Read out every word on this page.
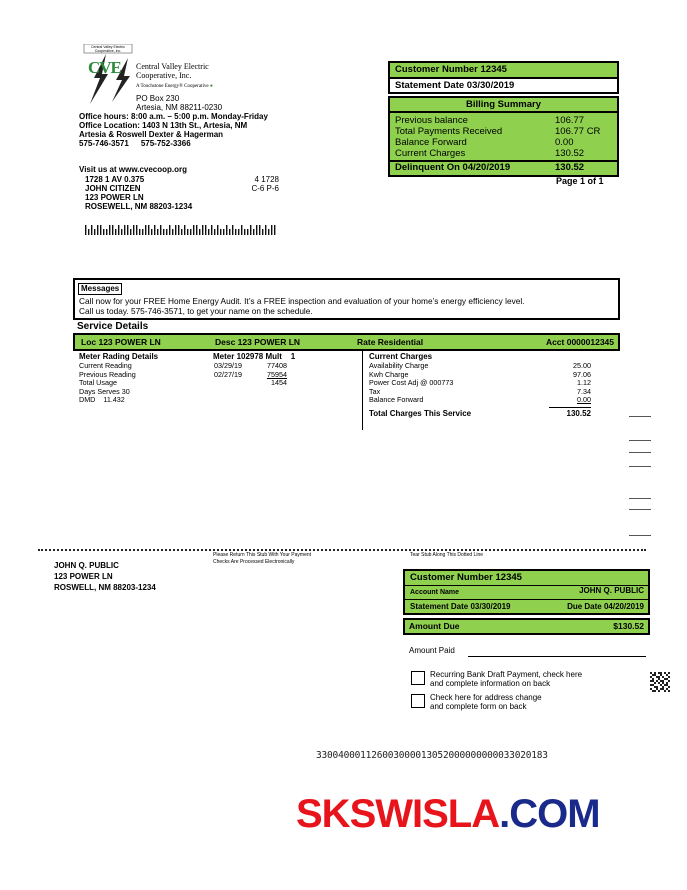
Central Valley Electric Cooperative, Inc.
CVE Central Valley Electric
Cooperative, Inc.
A Touchstone Energy® Cooperative ●
PO Box 230
Artesia, NM 88211-0230
Office hours: 8:00 a.m. – 5:00 p.m. Monday-Friday
Office Location: 1403 N 13th St., Artesia, NM
Artesia & Roswell Dexter & Hagerman
575-746-3571 575-752-3366
Visit us at www.cvecoop.org
1728 1 AV 0.375	4 1728
JOHN CITIZEN	C-6 P-6
123 POWER LN
ROSEWELL, NM 88203-1234
Customer Number 12345
Statement Date 03/30/2019
Billing Summary
Previous balance	106.77
Total Payments Received	106.77 CR
Balance Forward	0.00
Current Charges	130.52
Delinquent On 04/20/2019	130.52
Page 1 of 1
Messages
Call now for your FREE Home Energy Audit. It’s a FREE inspection and evaluation of your home’s energy efficiency level.
Call us today. 575-746-3571, to get your name on the schedule.
Service Details
Loc 123 POWER LN	Desc 123 POWER LN	Rate Residential	Acct 0000012345
Meter Rading Details	Meter 102978 Mult    1
Current Reading	03/29/19	77408
Previous Reading	02/27/19	75954
Total Usage	1454
Days Serves 30
DMD    11.432
Current Charges
Availability Charge	25.00
Kwh Charge	97.06
Power Cost Adj @ 000773	1.12
Tax	7.34
Balance Forward	0.00
Total Charges This Service	130.52
Please Return This Stub With Your Payment
Checks Are Processed Electronically
Tear Stub Along This Dotted Line
JOHN Q. PUBLIC
123 POWER LN
ROSWELL, NM 88203-1234
Customer Number 12345
Account Name	JOHN Q. PUBLIC
Statement Date 03/30/2019	Due Date 04/20/2019
Amount Due	$130.52
Amount Paid
Recurring Bank Draft Payment, check here
and complete information on back
Check here for address change
and complete form on back
330040001126003000013052000000000033020183
SKSWISLA.COM
